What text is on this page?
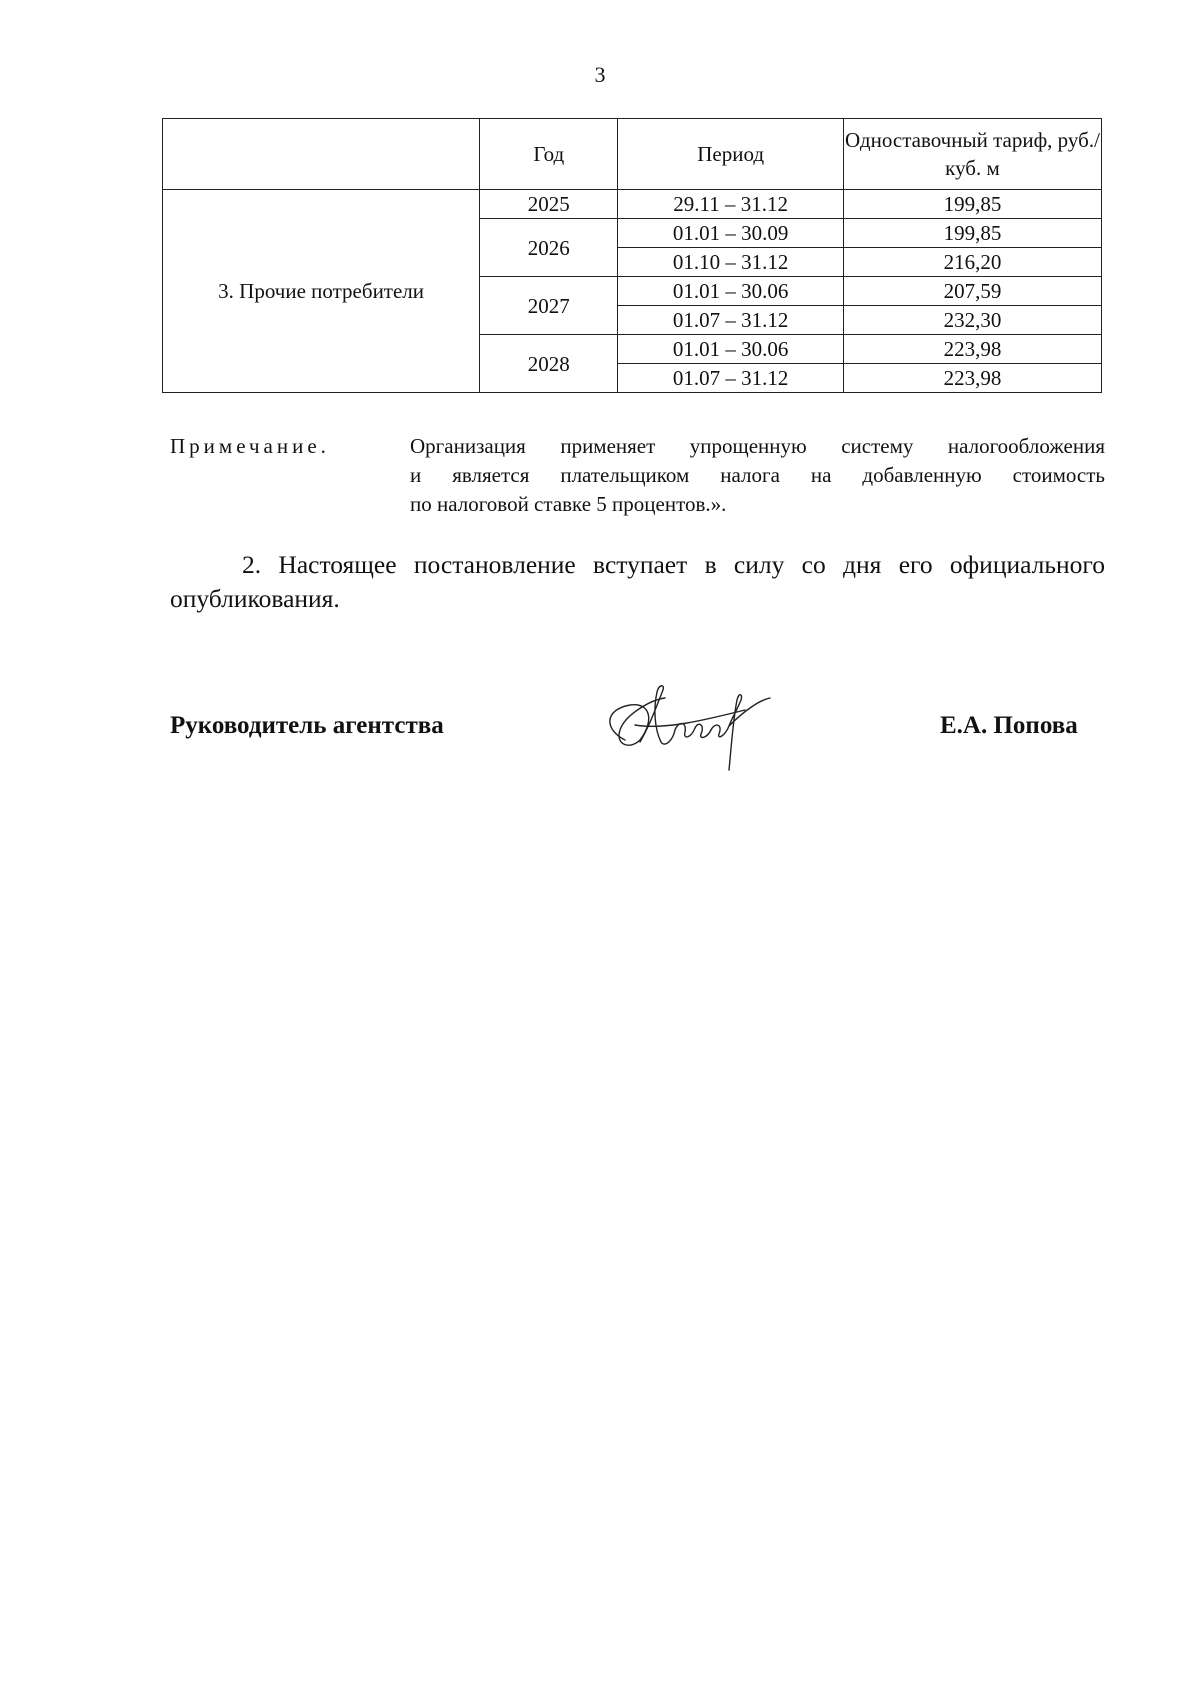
3
	Год	Период	Одноставочный тариф, руб./куб. м
3. Прочие потребители	2025	29.11 – 31.12	199,85
	2026	01.01 – 30.09	199,85
		01.10 – 31.12	216,20
	2027	01.01 – 30.06	207,59
		01.07 – 31.12	232,30
	2028	01.01 – 30.06	223,98
		01.07 – 31.12	223,98
Примечание.	Организация применяет упрощенную систему налогообложения
и является плательщиком налога на добавленную стоимость
по налоговой ставке 5 процентов.».
2. Настоящее постановление вступает в силу со дня его официального опубликования.
Руководитель агентства	Е.А. Попова
